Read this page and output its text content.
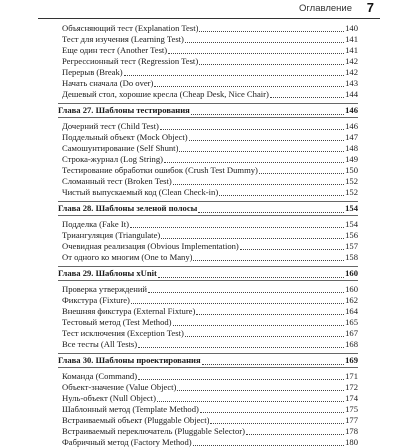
Оглавление 7
Объясняющий тест (Explanation Test)	140
Тест для изучения (Learning Test)	141
Еще один тест (Another Test)	141
Регрессионный тест (Regression Test)	142
Перерыв (Break)	142
Начать сначала (Do over)	143
Дешевый стол, хорошие кресла (Cheap Desk, Nice Chair)	144
Глава 27. Шаблоны тестирования	146
Дочерний тест (Child Test)	146
Поддельный объект (Mock Object)	147
Самошунтирование (Self Shunt)	148
Строка-журнал (Log String)	149
Тестирование обработки ошибок (Crush Test Dummy)	150
Сломанный тест (Broken Test)	152
Чистый выпускаемый код (Clean Check-in)	152
Глава 28. Шаблоны зеленой полосы	154
Подделка (Fake It)	154
Триангуляция (Triangulate)	156
Очевидная реализация (Obvious Implementation)	157
От одного ко многим (One to Many)	158
Глава 29. Шаблоны xUnit	160
Проверка утверждений	160
Фикстура (Fixture)	162
Внешняя фикстура (External Fixture)	164
Тестовый метод (Test Method)	165
Тест исключения (Exception Test)	167
Все тесты (All Tests)	168
Глава 30. Шаблоны проектирования	169
Команда (Command)	171
Объект-значение (Value Object)	172
Нуль-объект (Null Object)	174
Шаблонный метод (Template Method)	175
Встраиваемый объект (Pluggable Object)	177
Встраиваемый переключатель (Pluggable Selector)	178
Фабричный метод (Factory Method)	180
